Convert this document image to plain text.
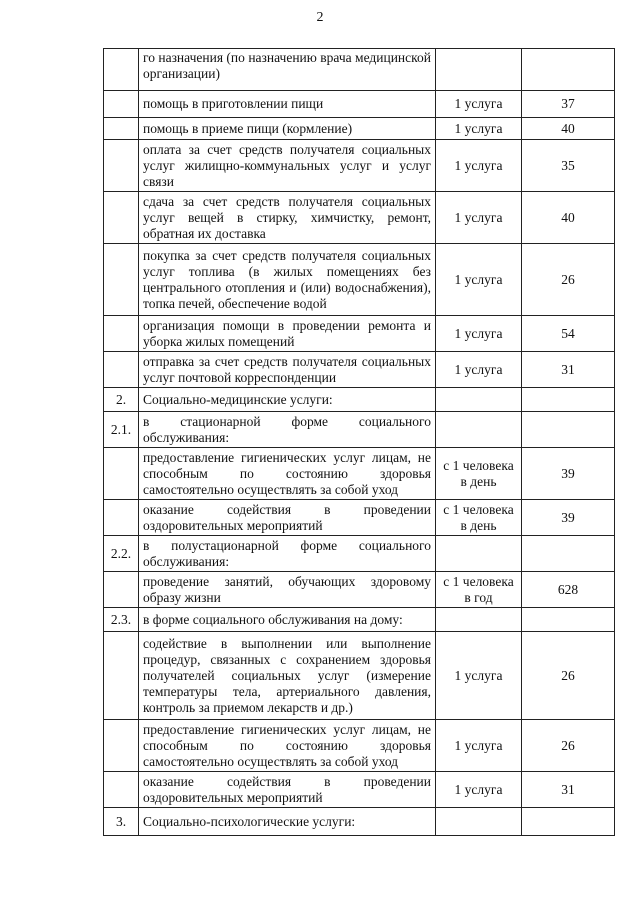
2
	го назначения (по назначению врача медицинской организации)		
	помощь в приготовлении пищи	1 услуга	37
	помощь в приеме пищи (кормление)	1 услуга	40
	оплата за счет средств получателя социальных услуг жилищно-коммунальных услуг и услуг связи	1 услуга	35
	сдача за счет средств получателя социальных услуг вещей в стирку, химчистку, ремонт, обратная их доставка	1 услуга	40
	покупка за счет средств получателя социальных услуг топлива (в жилых помещениях без центрального отопления и (или) водоснабжения), топка печей, обеспечение водой	1 услуга	26
	организация помощи в проведении ремонта и уборка жилых помещений	1 услуга	54
	отправка за счет средств получателя социальных услуг почтовой корреспонденции	1 услуга	31
2.	Социально-медицинские услуги:		
2.1.	в стационарной форме социального обслуживания:		
	предоставление гигиенических услуг лицам, не способным по состоянию здоровья самостоятельно осуществлять за собой уход	с 1 человека в день	39
	оказание содействия в проведении оздоровительных мероприятий	с 1 человека в день	39
2.2.	в полустационарной форме социального обслуживания:		
	проведение занятий, обучающих здоровому образу жизни	с 1 человека в год	628
2.3.	в форме социального обслуживания на дому:		
	содействие в выполнении или выполнение процедур, связанных с сохранением здоровья получателей социальных услуг (измерение температуры тела, артериального давления, контроль за приемом лекарств и др.)	1 услуга	26
	предоставление гигиенических услуг лицам, не способным по состоянию здоровья самостоятельно осуществлять за собой уход	1 услуга	26
	оказание содействия в проведении оздоровительных мероприятий	1 услуга	31
3.	Социально-психологические услуги:		
